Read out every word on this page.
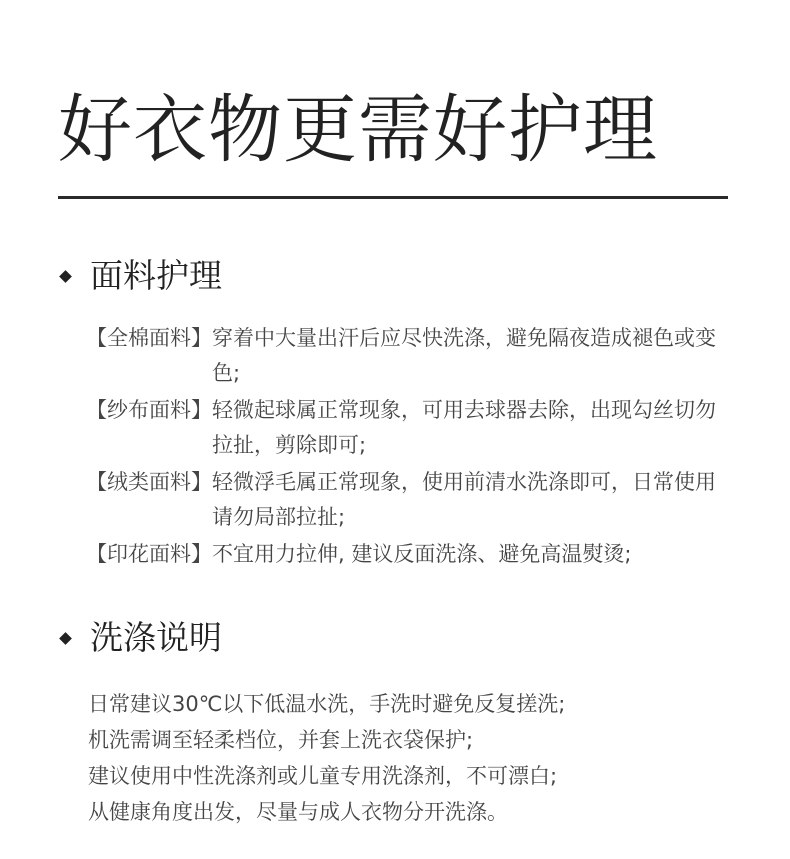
好衣物更需好护理
面料护理
【全棉面料】 穿着中大量出汗后应尽快洗涤，避免隔夜造成褪色或变色;
【纱布面料】 轻微起球属正常现象，可用去球器去除，出现勾丝切勿拉扯，剪除即可;
【绒类面料】 轻微浮毛属正常现象，使用前清水洗涤即可，日常使用请勿局部拉扯;
【印花面料】 不宜用力拉伸, 建议反面洗涤、避免高温熨烫;
洗涤说明
日常建议30℃以下低温水洗，手洗时避免反复搓洗;
机洗需调至轻柔档位，并套上洗衣袋保护;
建议使用中性洗涤剂或儿童专用洗涤剂，不可漂白;
从健康角度出发，尽量与成人衣物分开洗涤。
